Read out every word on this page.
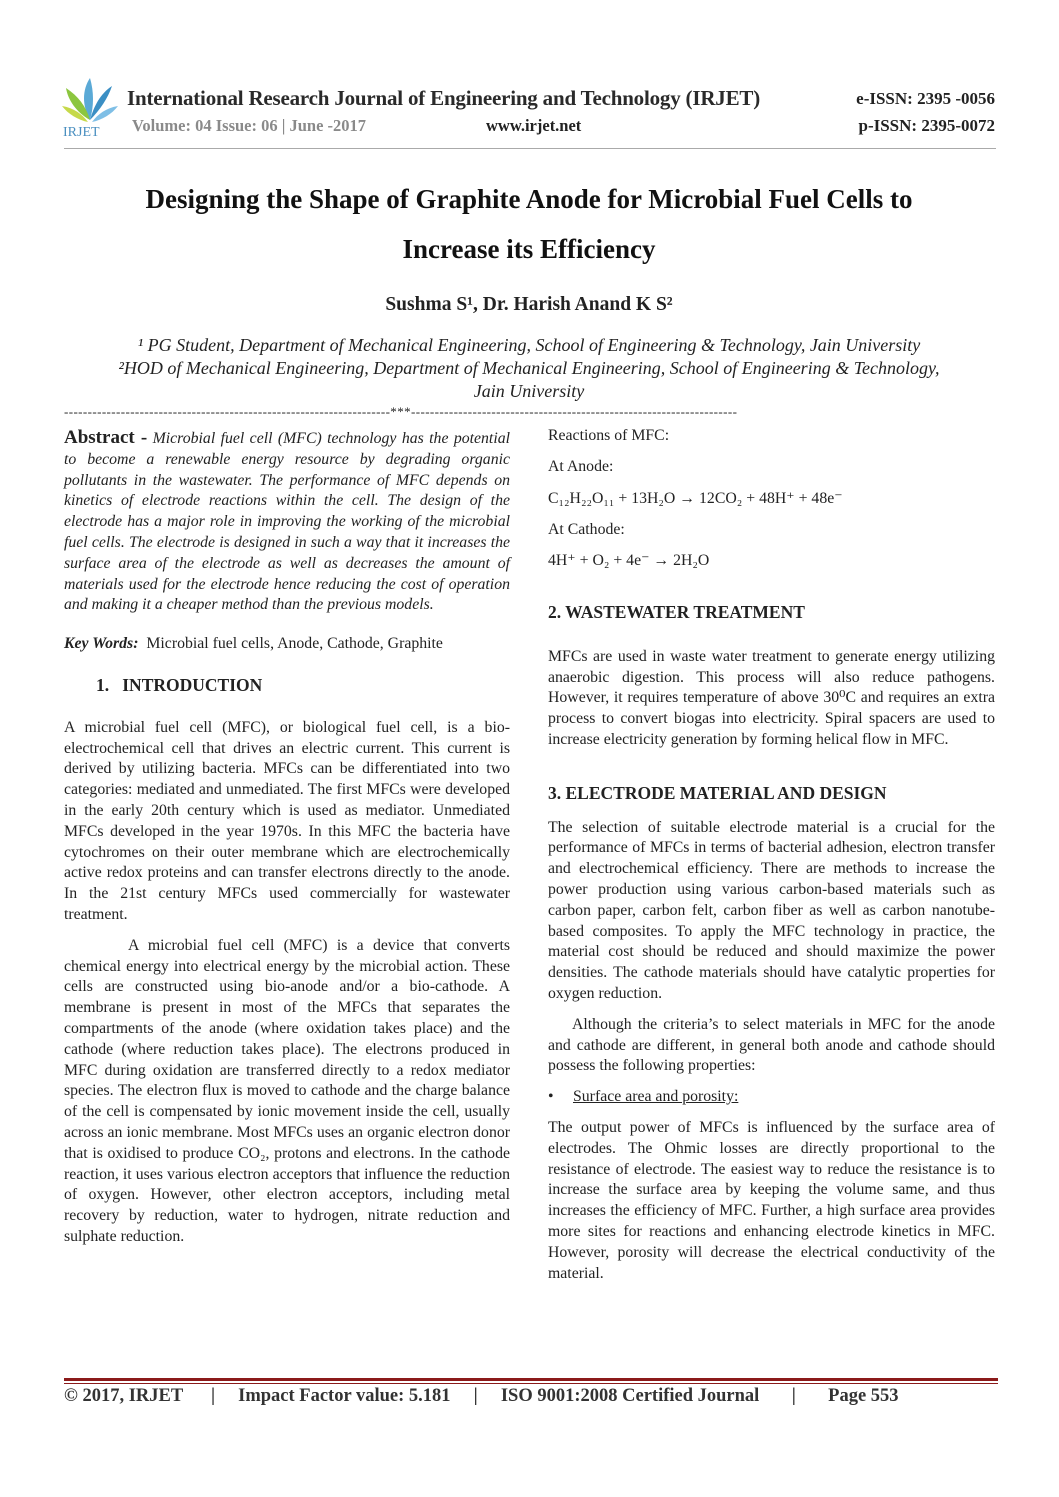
IRJET
International Research Journal of Engineering and Technology (IRJET)
Volume: 04 Issue: 06 | June -2017	www.irjet.net
e-ISSN: 2395 -0056
p-ISSN: 2395-0072
Designing the Shape of Graphite Anode for Microbial Fuel Cells to
Increase its Efficiency
Sushma S¹, Dr. Harish Anand K S²
¹ PG Student, Department of Mechanical Engineering, School of Engineering & Technology, Jain University
²HOD of Mechanical Engineering, Department of Mechanical Engineering, School of Engineering & Technology,
Jain University
---------------------------------------------------------------------***---------------------------------------------------------------------

Abstract - Microbial fuel cell (MFC) technology has the potential to become a renewable energy resource by degrading organic pollutants in the wastewater. The performance of MFC depends on kinetics of electrode reactions within the cell. The design of the electrode has a major role in improving the working of the microbial fuel cells. The electrode is designed in such a way that it increases the surface area of the electrode as well as decreases the amount of materials used for the electrode hence reducing the cost of operation and making it a cheaper method than the previous models.

Key Words: Microbial fuel cells, Anode, Cathode, Graphite

1.   INTRODUCTION

A microbial fuel cell (MFC), or biological fuel cell, is a bio-electrochemical cell that drives an electric current. This current is derived by utilizing bacteria. MFCs can be differentiated into two categories: mediated and unmediated. The first MFCs were developed in the early 20th century which is used as mediator. Unmediated MFCs developed in the year 1970s. In this MFC the bacteria have cytochromes on their outer membrane which are electrochemically active redox proteins and can transfer electrons directly to the anode. In the 21st century MFCs used commercially for wastewater treatment.

A microbial fuel cell (MFC) is a device that converts chemical energy into electrical energy by the microbial action. These cells are constructed using bio-anode and/or a bio-cathode. A membrane is present in most of the MFCs that separates the compartments of the anode (where oxidation takes place) and the cathode (where reduction takes place). The electrons produced in MFC during oxidation are transferred directly to a redox mediator species. The electron flux is moved to cathode and the charge balance of the cell is compensated by ionic movement inside the cell, usually across an ionic membrane. Most MFCs uses an organic electron donor that is oxidised to produce CO₂, protons and electrons. In the cathode reaction, it uses various electron acceptors that influence the reduction of oxygen. However, other electron acceptors, including metal recovery by reduction, water to hydrogen, nitrate reduction and sulphate reduction.

Reactions of MFC:

At Anode:

C₁₂H₂₂O₁₁ + 13H₂O → 12CO₂ + 48H⁺ + 48e⁻

At Cathode:

4H⁺ + O₂ + 4e⁻ → 2H₂O

2. WASTEWATER TREATMENT

MFCs are used in waste water treatment to generate energy utilizing anaerobic digestion. This process will also reduce pathogens. However, it requires temperature of above 30⁰C and requires an extra process to convert biogas into electricity. Spiral spacers are used to increase electricity generation by forming helical flow in MFC.

3. ELECTRODE MATERIAL AND DESIGN

The selection of suitable electrode material is a crucial for the performance of MFCs in terms of bacterial adhesion, electron transfer and electrochemical efficiency. There are methods to increase the power production using various carbon-based materials such as carbon paper, carbon felt, carbon fiber as well as carbon nanotube-based composites. To apply the MFC technology in practice, the material cost should be reduced and should maximize the power densities. The cathode materials should have catalytic properties for oxygen reduction.

Although the criteria’s to select materials in MFC for the anode and cathode are different, in general both anode and cathode should possess the following properties:

•	Surface area and porosity:

The output power of MFCs is influenced by the surface area of electrodes. The Ohmic losses are directly proportional to the resistance of electrode. The easiest way to reduce the resistance is to increase the surface area by keeping the volume same, and thus increases the efficiency of MFC. Further, a high surface area provides more sites for reactions and enhancing electrode kinetics in MFC. However, porosity will decrease the electrical conductivity of the material.

© 2017, IRJET      |     Impact Factor value: 5.181     |     ISO 9001:2008 Certified Journal       |       Page 553
